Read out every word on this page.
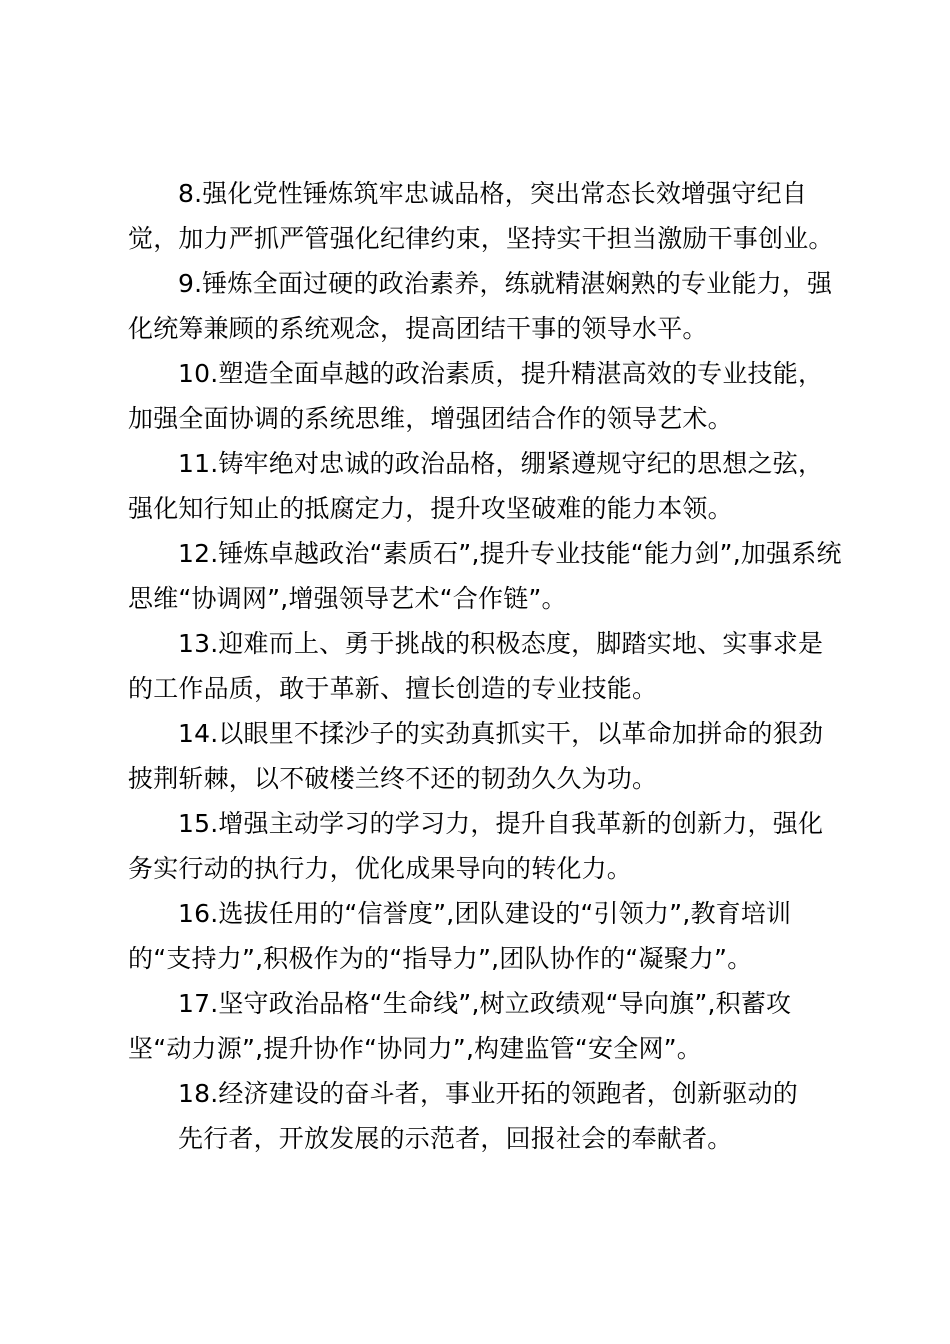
8.强化党性锤炼筑牢忠诚品格，突出常态长效增强守纪自
觉，加力严抓严管强化纪律约束，坚持实干担当激励干事创业。
9.锤炼全面过硬的政治素养，练就精湛娴熟的专业能力，强
化统筹兼顾的系统观念，提高团结干事的领导水平。
10.塑造全面卓越的政治素质，提升精湛高效的专业技能，
加强全面协调的系统思维，增强团结合作的领导艺术。
11.铸牢绝对忠诚的政治品格，绷紧遵规守纪的思想之弦，
强化知行知止的抵腐定力，提升攻坚破难的能力本领。
12.锤炼卓越政治“素质石”,提升专业技能“能力剑”,加强系统
思维“协调网”,增强领导艺术“合作链”。
13.迎难而上、勇于挑战的积极态度，脚踏实地、实事求是
的工作品质，敢于革新、擅长创造的专业技能。
14.以眼里不揉沙子的实劲真抓实干，以革命加拼命的狠劲
披荆斩棘，以不破楼兰终不还的韧劲久久为功。
15.增强主动学习的学习力，提升自我革新的创新力，强化
务实行动的执行力，优化成果导向的转化力。
16.选拔任用的“信誉度”,团队建设的“引领力”,教育培训
的“支持力”,积极作为的“指导力”,团队协作的“凝聚力”。
17.坚守政治品格“生命线”,树立政绩观“导向旗”,积蓄攻
坚“动力源”,提升协作“协同力”,构建监管“安全网”。
18.经济建设的奋斗者，事业开拓的领跑者，创新驱动的
先行者，开放发展的示范者，回报社会的奉献者。
